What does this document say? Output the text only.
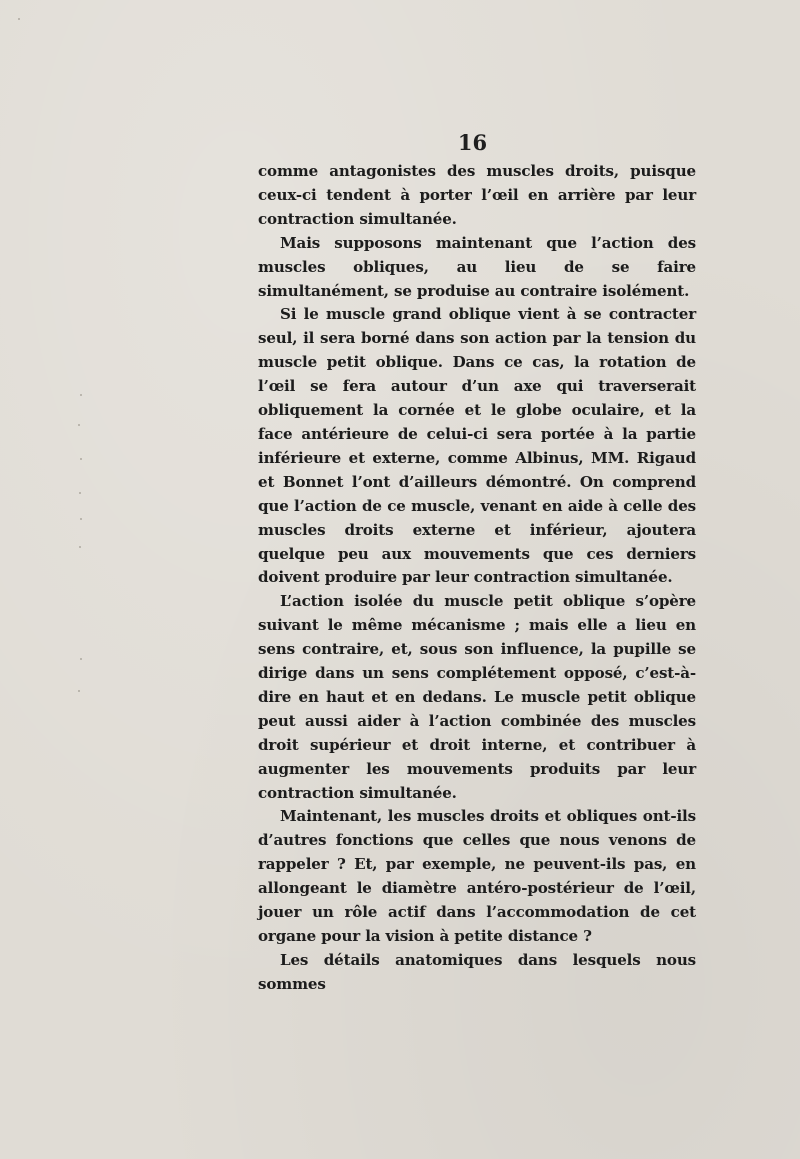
16

comme antagonistes des muscles droits, puisque ceux-ci tendent à porter l’œil en arrière par leur contraction simultanée.

Mais supposons maintenant que l’action des muscles obliques, au lieu de se faire simultanément, se produise au contraire isolément.

Si le muscle grand oblique vient à se contracter seul, il sera borné dans son action par la tension du muscle petit oblique. Dans ce cas, la rotation de l’œil se fera autour d’un axe qui traverserait obliquement la cornée et le globe oculaire, et la face antérieure de celui-ci sera portée à la partie inférieure et externe, comme Albinus, MM. Rigaud et Bonnet l’ont d’ailleurs démontré. On comprend que l’action de ce muscle, venant en aide à celle des muscles droits externe et inférieur, ajoutera quelque peu aux mouvements que ces derniers doivent produire par leur contraction simultanée.

L’action isolée du muscle petit oblique s’opère suivant le même mécanisme ; mais elle a lieu en sens contraire, et, sous son influence, la pupille se dirige dans un sens complétement opposé, c’est-à-dire en haut et en dedans. Le muscle petit oblique peut aussi aider à l’action combinée des muscles droit supérieur et droit interne, et contribuer à augmenter les mouvements produits par leur contraction simultanée.

Maintenant, les muscles droits et obliques ont-ils d’autres fonctions que celles que nous venons de rappeler ? Et, par exemple, ne peuvent-ils pas, en allongeant le diamètre antéro-postérieur de l’œil, jouer un rôle actif dans l’accommodation de cet organe pour la vision à petite distance ?

Les détails anatomiques dans lesquels nous sommes
